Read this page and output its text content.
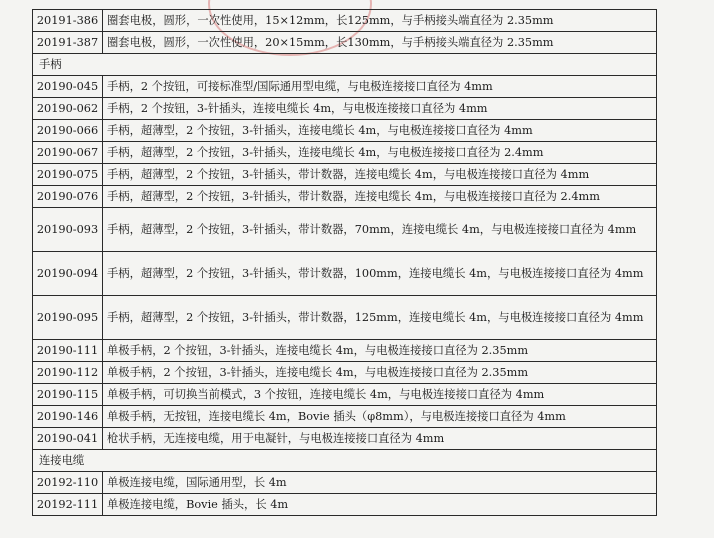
20191-386	圈套电极，圆形，一次性使用，15×12mm，长125mm，与手柄接头端直径为 2.35mm
20191-387	圈套电极，圆形，一次性使用，20×15mm，长130mm，与手柄接头端直径为 2.35mm
手柄	
20190-045	手柄，2 个按钮，可接标准型/国际通用型电缆，与电极连接接口直径为 4mm
20190-062	手柄，2 个按钮，3-针插头，连接电缆长 4m，与电极连接接口直径为 4mm
20190-066	手柄，超薄型，2 个按钮，3-针插头，连接电缆长 4m，与电极连接接口直径为 4mm
20190-067	手柄，超薄型，2 个按钮，3-针插头，连接电缆长 4m，与电极连接接口直径为 2.4mm
20190-075	手柄，超薄型，2 个按钮，3-针插头，带计数器，连接电缆长 4m，与电极连接接口直径为 4mm
20190-076	手柄，超薄型，2 个按钮，3-针插头，带计数器，连接电缆长 4m，与电极连接接口直径为 2.4mm
20190-093	手柄，超薄型，2 个按钮，3-针插头，带计数器，70mm，连接电缆长 4m，与电极连接接口直径为 4mm
20190-094	手柄，超薄型，2 个按钮，3-针插头，带计数器，100mm，连接电缆长 4m，与电极连接接口直径为 4mm
20190-095	手柄，超薄型，2 个按钮，3-针插头，带计数器，125mm，连接电缆长 4m，与电极连接接口直径为 4mm
20190-111	单极手柄，2 个按钮，3-针插头，连接电缆长 4m，与电极连接接口直径为 2.35mm
20190-112	单极手柄，2 个按钮，3-针插头，连接电缆长 4m，与电极连接接口直径为 2.35mm
20190-115	单极手柄，可切换当前模式，3 个按钮，连接电缆长 4m，与电极连接接口直径为 4mm
20190-146	单极手柄，无按钮，连接电缆长 4m，Bovie 插头（φ8mm），与电极连接接口直径为 4mm
20190-041	枪状手柄，无连接电缆，用于电凝针，与电极连接接口直径为 4mm
连接电缆	
20192-110	单极连接电缆，国际通用型，长 4m
20192-111	单极连接电缆，Bovie 插头，长 4m
